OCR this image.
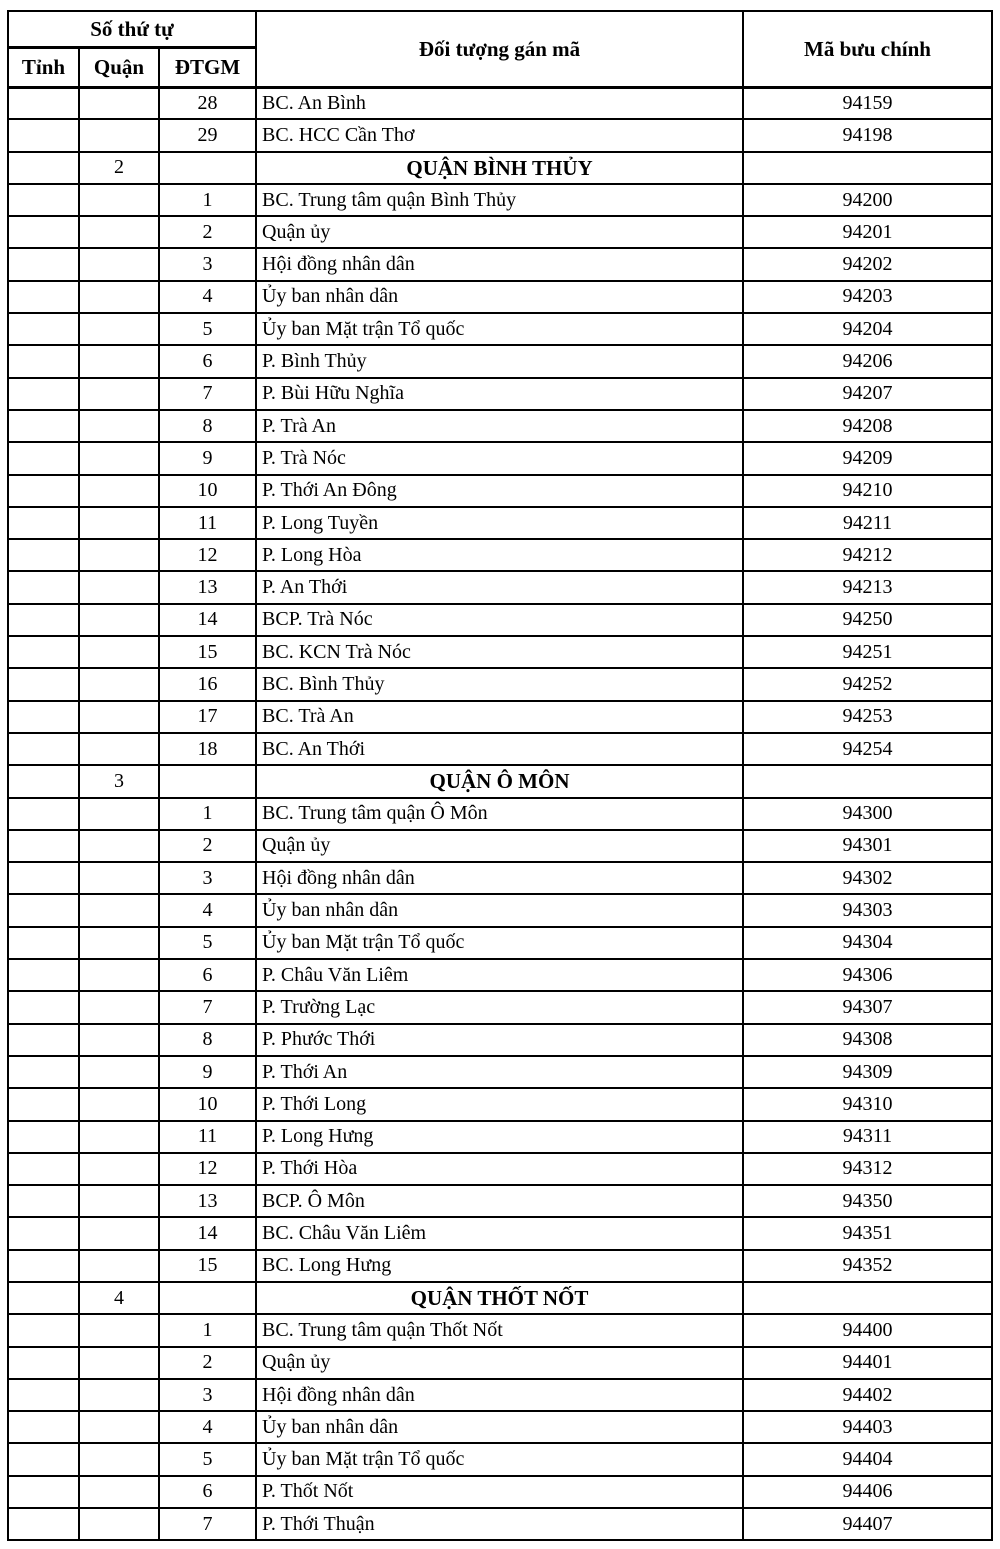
Số thứ tự			Đối tượng gán mã	Mã bưu chính
Tỉnh	Quận	ĐTGM		
		28	BC. An Bình	94159
		29	BC. HCC Cần Thơ	94198
	2		QUẬN BÌNH THỦY	
		1	BC. Trung tâm quận Bình Thủy	94200
		2	Quận ủy	94201
		3	Hội đồng nhân dân	94202
		4	Ủy ban nhân dân	94203
		5	Ủy ban Mặt trận Tổ quốc	94204
		6	P. Bình Thủy	94206
		7	P. Bùi Hữu Nghĩa	94207
		8	P. Trà An	94208
		9	P. Trà Nóc	94209
		10	P. Thới An Đông	94210
		11	P. Long Tuyền	94211
		12	P. Long Hòa	94212
		13	P. An Thới	94213
		14	BCP. Trà Nóc	94250
		15	BC. KCN Trà Nóc	94251
		16	BC. Bình Thủy	94252
		17	BC. Trà An	94253
		18	BC. An Thới	94254
	3		QUẬN Ô MÔN	
		1	BC. Trung tâm quận Ô Môn	94300
		2	Quận ủy	94301
		3	Hội đồng nhân dân	94302
		4	Ủy ban nhân dân	94303
		5	Ủy ban Mặt trận Tổ quốc	94304
		6	P. Châu Văn Liêm	94306
		7	P. Trường Lạc	94307
		8	P. Phước Thới	94308
		9	P. Thới An	94309
		10	P. Thới Long	94310
		11	P. Long Hưng	94311
		12	P. Thới Hòa	94312
		13	BCP. Ô Môn	94350
		14	BC. Châu Văn Liêm	94351
		15	BC. Long Hưng	94352
	4		QUẬN THỐT NỐT	
		1	BC. Trung tâm quận Thốt Nốt	94400
		2	Quận ủy	94401
		3	Hội đồng nhân dân	94402
		4	Ủy ban nhân dân	94403
		5	Ủy ban Mặt trận Tổ quốc	94404
		6	P. Thốt Nốt	94406
		7	P. Thới Thuận	94407
